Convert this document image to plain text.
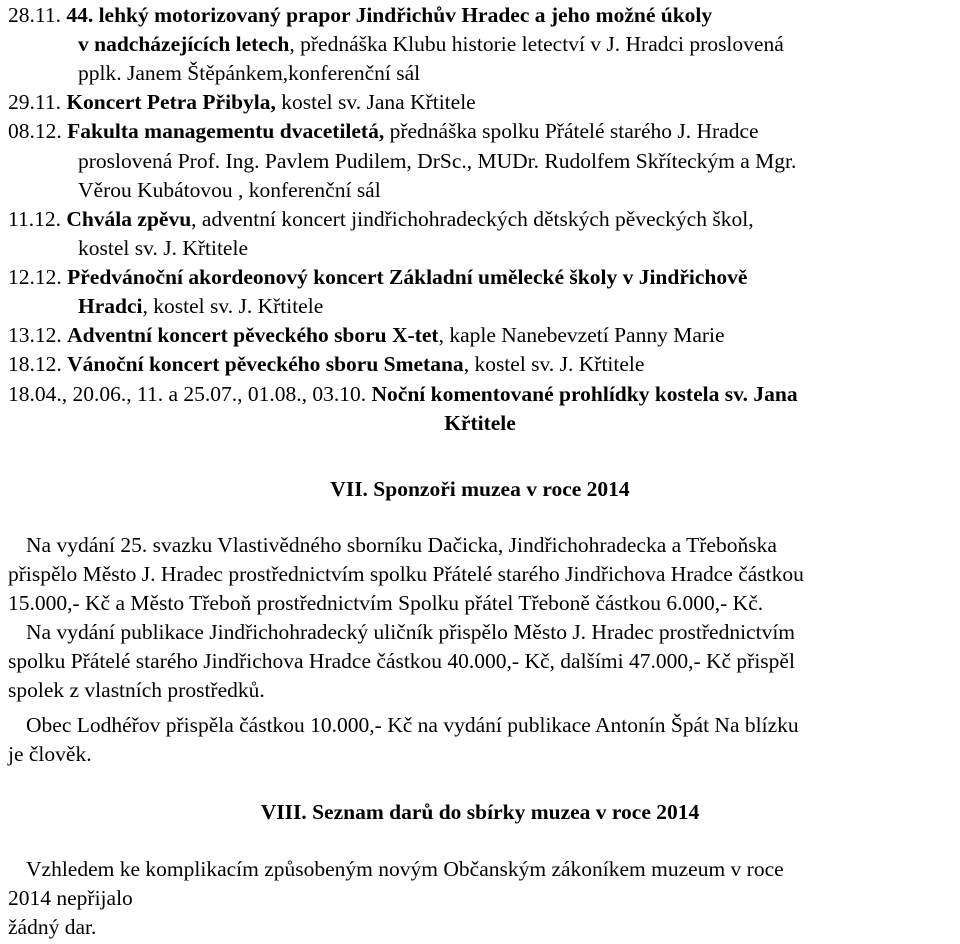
28.11. 44. lehký motorizovaný prapor Jindřichův Hradec a jeho možné úkoly
v nadcházejících letech, přednáška Klubu historie letectví v J. Hradci proslovená
pplk. Janem Štěpánkem,konferenční sál
29.11. Koncert Petra Přibyla, kostel sv. Jana Křtitele
08.12. Fakulta managementu dvacetiletá, přednáška spolku Přátelé starého J. Hradce
proslovená Prof. Ing. Pavlem Pudilem, DrSc., MUDr. Rudolfem Skříteckým a Mgr.
Věrou Kubátovou , konferenční sál
11.12. Chvála zpěvu, adventní koncert jindřichohradeckých dětských pěveckých škol,
kostel sv. J. Křtitele
12.12. Předvánoční akordeonový koncert Základní umělecké školy v Jindřichově
Hradci, kostel sv. J. Křtitele
13.12. Adventní koncert pěveckého sboru X-tet, kaple Nanebevzetí Panny Marie
18.12. Vánoční koncert pěveckého sboru Smetana, kostel sv. J. Křtitele
18.04., 20.06., 11. a 25.07., 01.08., 03.10. Noční komentované prohlídky kostela sv. Jana
Křtitele
VII. Sponzoři muzea v roce 2014
Na vydání 25. svazku Vlastivědného sborníku Dačicka, Jindřichohradecka a Třeboňska
přispělo Město J. Hradec prostřednictvím spolku Přátelé starého Jindřichova Hradce částkou
15.000,- Kč a Město Třeboň prostřednictvím Spolku přátel Třeboně částkou 6.000,- Kč.
Na vydání publikace Jindřichohradecký uličník přispělo Město J. Hradec prostřednictvím
spolku Přátelé starého Jindřichova Hradce částkou 40.000,- Kč, dalšími 47.000,- Kč přispěl
spolek z vlastních prostředků.
Obec Lodhéřov přispěla částkou 10.000,- Kč na vydání publikace Antonín Špát Na blízku
je člověk.
VIII. Seznam darů do sbírky muzea v roce 2014
Vzhledem ke komplikacím způsobeným novým Občanským zákoníkem muzeum v roce
2014 nepřijalo
žádný dar.
